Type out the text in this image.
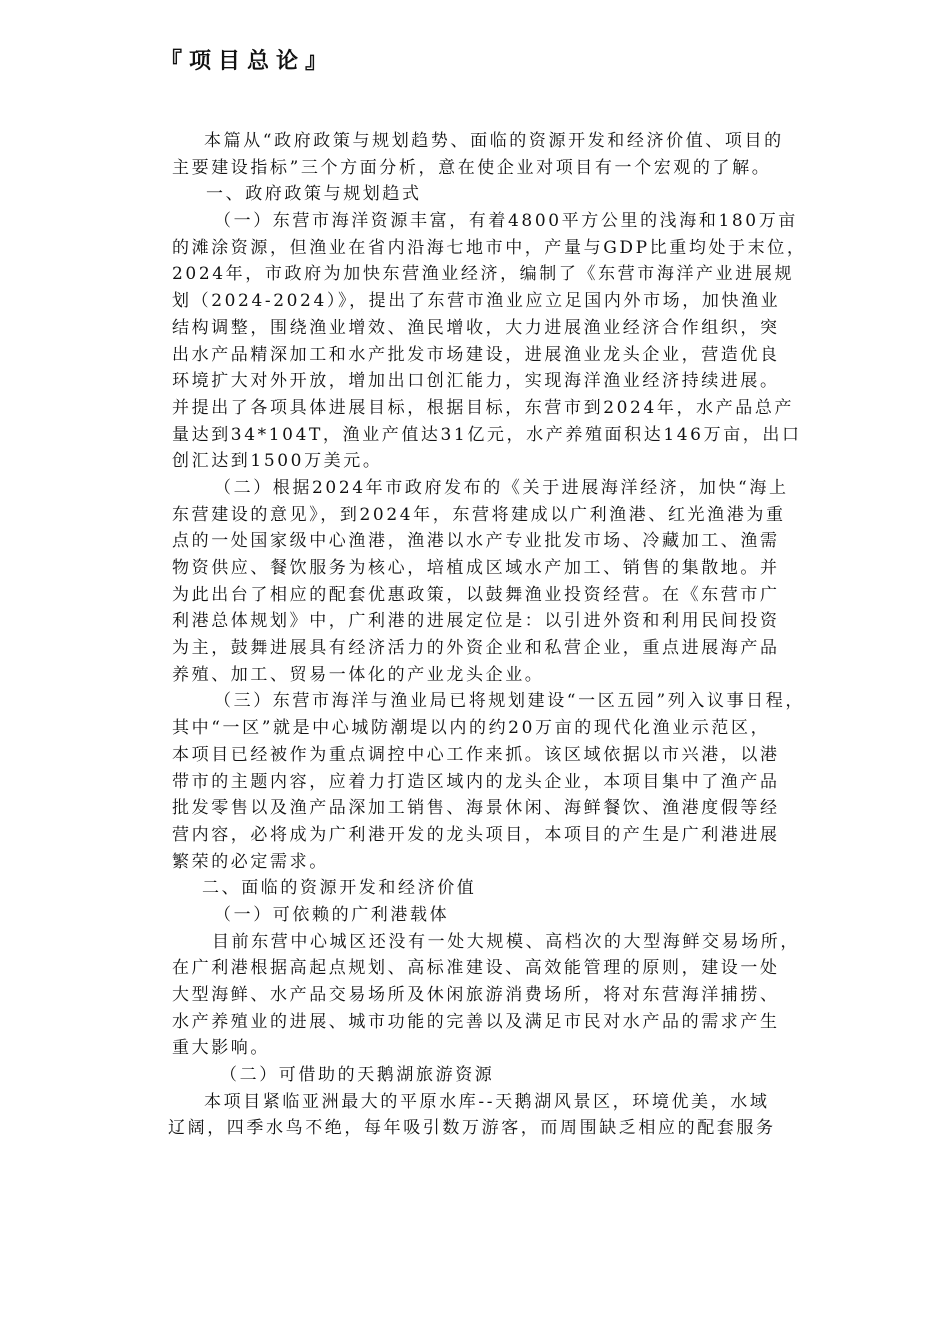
『项目总论』
本篇从“政府政策与规划趋势、面临的资源开发和经济价值、项目的
主要建设指标”三个方面分析，意在使企业对项目有一个宏观的了解。
一、政府政策与规划趋式
（一）东营市海洋资源丰富，有着4800平方公里的浅海和180万亩
的滩涂资源，但渔业在省内沿海七地市中，产量与GDP比重均处于末位，
2024年，市政府为加快东营渔业经济，编制了《东营市海洋产业进展规
划（2024-2024）》，提出了东营市渔业应立足国内外市场，加快渔业
结构调整，围绕渔业增效、渔民增收，大力进展渔业经济合作组织，突
出水产品精深加工和水产批发市场建设，进展渔业龙头企业，营造优良
环境扩大对外开放，增加出口创汇能力，实现海洋渔业经济持续进展。
并提出了各项具体进展目标，根据目标，东营市到2024年，水产品总产
量达到34*104T，渔业产值达31亿元，水产养殖面积达146万亩，出口
创汇达到1500万美元。
（二）根据2024年市政府发布的《关于进展海洋经济，加快“海上
东营建设的意见》，到2024年，东营将建成以广利渔港、红光渔港为重
点的一处国家级中心渔港，渔港以水产专业批发市场、冷藏加工、渔需
物资供应、餐饮服务为核心，培植成区域水产加工、销售的集散地。并
为此出台了相应的配套优惠政策，以鼓舞渔业投资经营。在《东营市广
利港总体规划》中，广利港的进展定位是：以引进外资和利用民间投资
为主，鼓舞进展具有经济活力的外资企业和私营企业，重点进展海产品
养殖、加工、贸易一体化的产业龙头企业。
（三）东营市海洋与渔业局已将规划建设“一区五园”列入议事日程，
其中“一区”就是中心城防潮堤以内的约20万亩的现代化渔业示范区，
本项目已经被作为重点调控中心工作来抓。该区域依据以市兴港，以港
带市的主题内容，应着力打造区域内的龙头企业，本项目集中了渔产品
批发零售以及渔产品深加工销售、海景休闲、海鲜餐饮、渔港度假等经
营内容，必将成为广利港开发的龙头项目，本项目的产生是广利港进展
繁荣的必定需求。
二、面临的资源开发和经济价值
（一）可依赖的广利港载体
目前东营中心城区还没有一处大规模、高档次的大型海鲜交易场所，
在广利港根据高起点规划、高标准建设、高效能管理的原则，建设一处
大型海鲜、水产品交易场所及休闲旅游消费场所，将对东营海洋捕捞、
水产养殖业的进展、城市功能的完善以及满足市民对水产品的需求产生
重大影响。
（二）可借助的天鹅湖旅游资源
本项目紧临亚洲最大的平原水库--天鹅湖风景区，环境优美，水域
辽阔，四季水鸟不绝，每年吸引数万游客，而周围缺乏相应的配套服务
